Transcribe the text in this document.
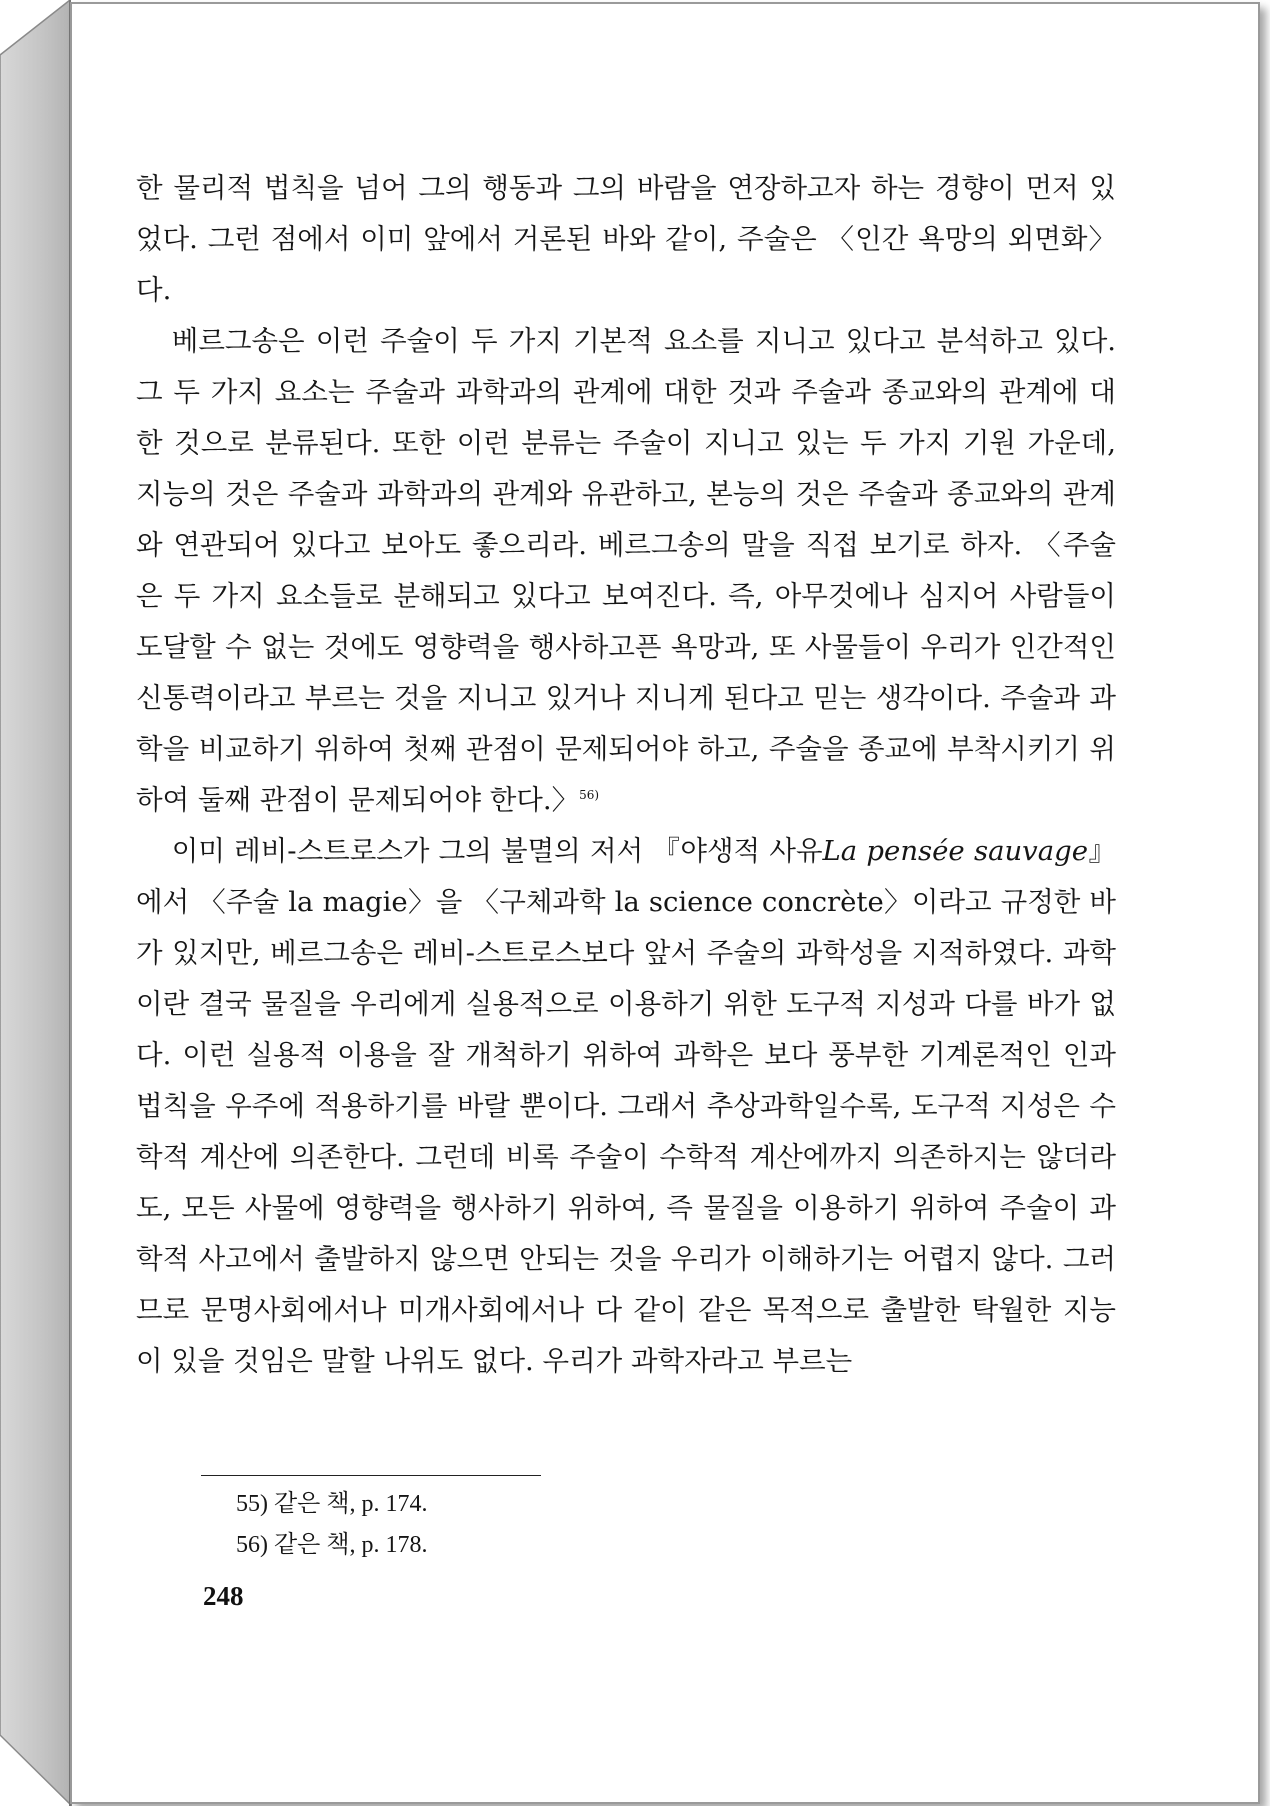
한 물리적 법칙을 넘어 그의 행동과 그의 바람을 연장하고자 하는 경향이 먼저 있었다. 그런 점에서 이미 앞에서 거론된 바와 같이, 주술은 〈인간 욕망의 외면화〉다.

베르그송은 이런 주술이 두 가지 기본적 요소를 지니고 있다고 분석하고 있다. 그 두 가지 요소는 주술과 과학과의 관계에 대한 것과 주술과 종교와의 관계에 대한 것으로 분류된다. 또한 이런 분류는 주술이 지니고 있는 두 가지 기원 가운데, 지능의 것은 주술과 과학과의 관계와 유관하고, 본능의 것은 주술과 종교와의 관계와 연관되어 있다고 보아도 좋으리라. 베르그송의 말을 직접 보기로 하자. 〈주술은 두 가지 요소들로 분해되고 있다고 보여진다. 즉, 아무것에나 심지어 사람들이 도달할 수 없는 것에도 영향력을 행사하고픈 욕망과, 또 사물들이 우리가 인간적인 신통력이라고 부르는 것을 지니고 있거나 지니게 된다고 믿는 생각이다. 주술과 과학을 비교하기 위하여 첫째 관점이 문제되어야 하고, 주술을 종교에 부착시키기 위하여 둘째 관점이 문제되어야 한다.〉$^{56)}$

이미 레비-스트로스가 그의 불멸의 저서 『야생적 사유La pensée sauvage』에서 〈주술 la magie〉을 〈구체과학 la science concrète〉이라고 규정한 바가 있지만, 베르그송은 레비-스트로스보다 앞서 주술의 과학성을 지적하였다. 과학이란 결국 물질을 우리에게 실용적으로 이용하기 위한 도구적 지성과 다를 바가 없다. 이런 실용적 이용을 잘 개척하기 위하여 과학은 보다 풍부한 기계론적인 인과법칙을 우주에 적용하기를 바랄 뿐이다. 그래서 추상과학일수록, 도구적 지성은 수학적 계산에 의존한다. 그런데 비록 주술이 수학적 계산에까지 의존하지는 않더라도, 모든 사물에 영향력을 행사하기 위하여, 즉 물질을 이용하기 위하여 주술이 과학적 사고에서 출발하지 않으면 안되는 것을 우리가 이해하기는 어렵지 않다. 그러므로 문명사회에서나 미개사회에서나 다 같이 같은 목적으로 출발한 탁월한 지능이 있을 것임은 말할 나위도 없다. 우리가 과학자라고 부르는

55) 같은 책, p. 174.
56) 같은 책, p. 178.
248
